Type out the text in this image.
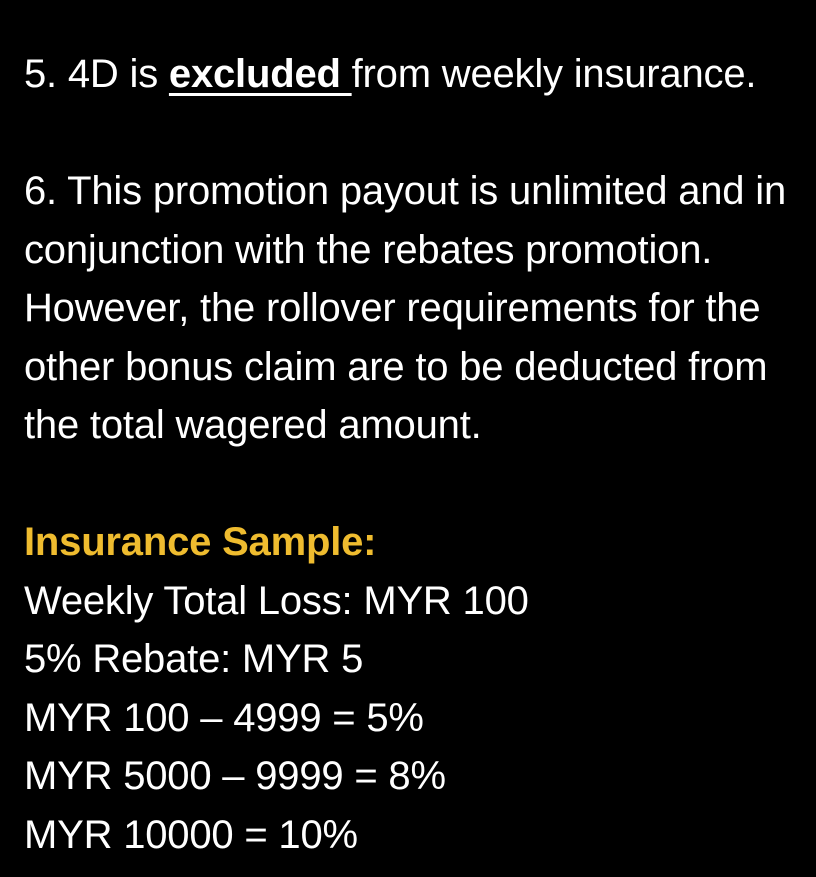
5. 4D is excluded from weekly insurance.

6. This promotion payout is unlimited and in
conjunction with the rebates promotion.
However, the rollover requirements for the
other bonus claim are to be deducted from
the total wagered amount.
Insurance Sample:
Weekly Total Loss: MYR 100
5% Rebate: MYR 5
MYR 100 – 4999 = 5%
MYR 5000 – 9999 = 8%
MYR 10000 = 10%
